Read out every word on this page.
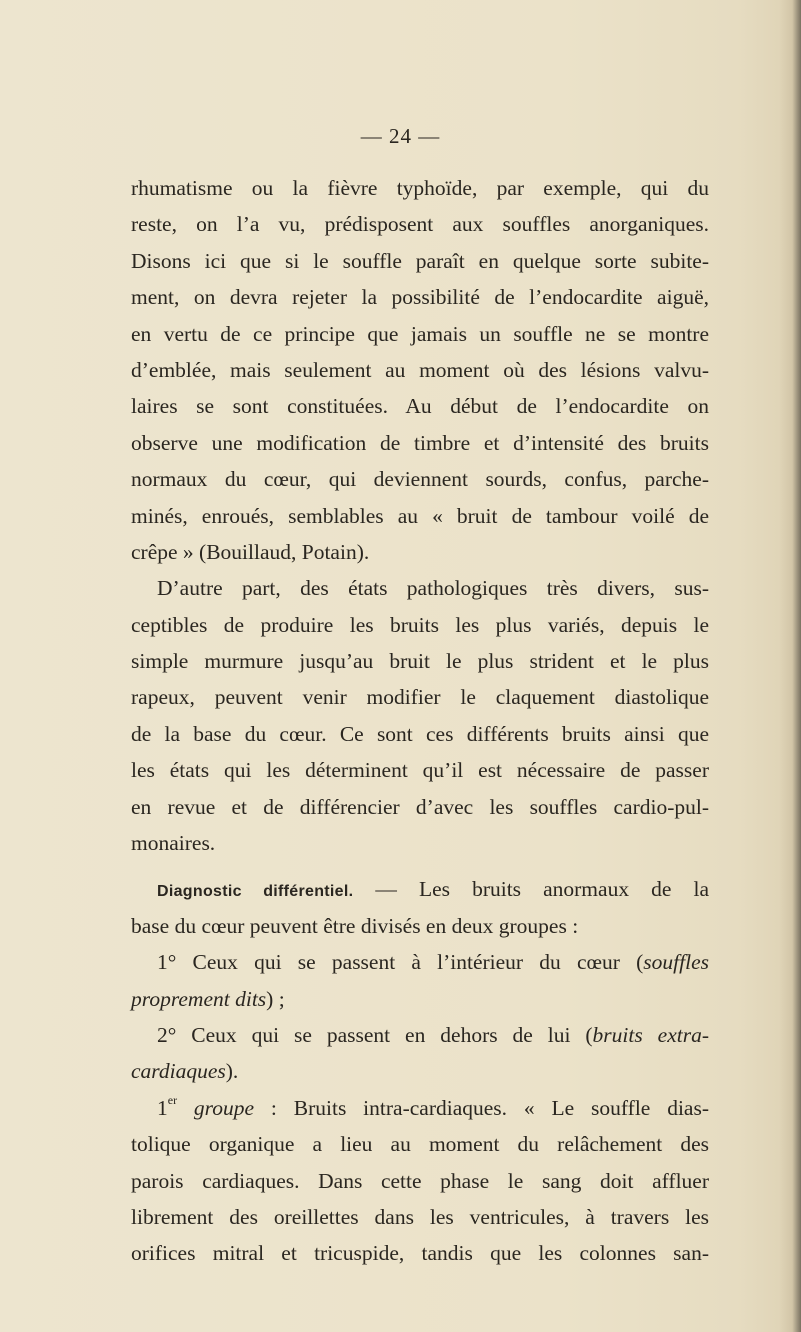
— 24 —
rhumatisme ou la fièvre typhoïde, par exemple, qui du
reste, on l’a vu, prédisposent aux souffles anorganiques.
Disons ici que si le souffle paraît en quelque sorte subite-
ment, on devra rejeter la possibilité de l’endocardite aiguë,
en vertu de ce principe que jamais un souffle ne se montre
d’emblée, mais seulement au moment où des lésions valvu-
laires se sont constituées. Au début de l’endocardite on
observe une modification de timbre et d’intensité des bruits
normaux du cœur, qui deviennent sourds, confus, parche-
minés, enroués, semblables au « bruit de tambour voilé de
crêpe » (Bouillaud, Potain).
D’autre part, des états pathologiques très divers, sus-
ceptibles de produire les bruits les plus variés, depuis le
simple murmure jusqu’au bruit le plus strident et le plus
rapeux, peuvent venir modifier le claquement diastolique
de la base du cœur. Ce sont ces différents bruits ainsi que
les états qui les déterminent qu’il est nécessaire de passer
en revue et de différencier d’avec les souffles cardio-pul-
monaires.
Diagnostic différentiel. — Les bruits anormaux de la
base du cœur peuvent être divisés en deux groupes :
1° Ceux qui se passent à l’intérieur du cœur (souffles
proprement dits) ;
2° Ceux qui se passent en dehors de lui (bruits extra-
cardiaques).
1er groupe : Bruits intra-cardiaques. « Le souffle dias-
tolique organique a lieu au moment du relâchement des
parois cardiaques. Dans cette phase le sang doit affluer
librement des oreillettes dans les ventricules, à travers les
orifices mitral et tricuspide, tandis que les colonnes san-
